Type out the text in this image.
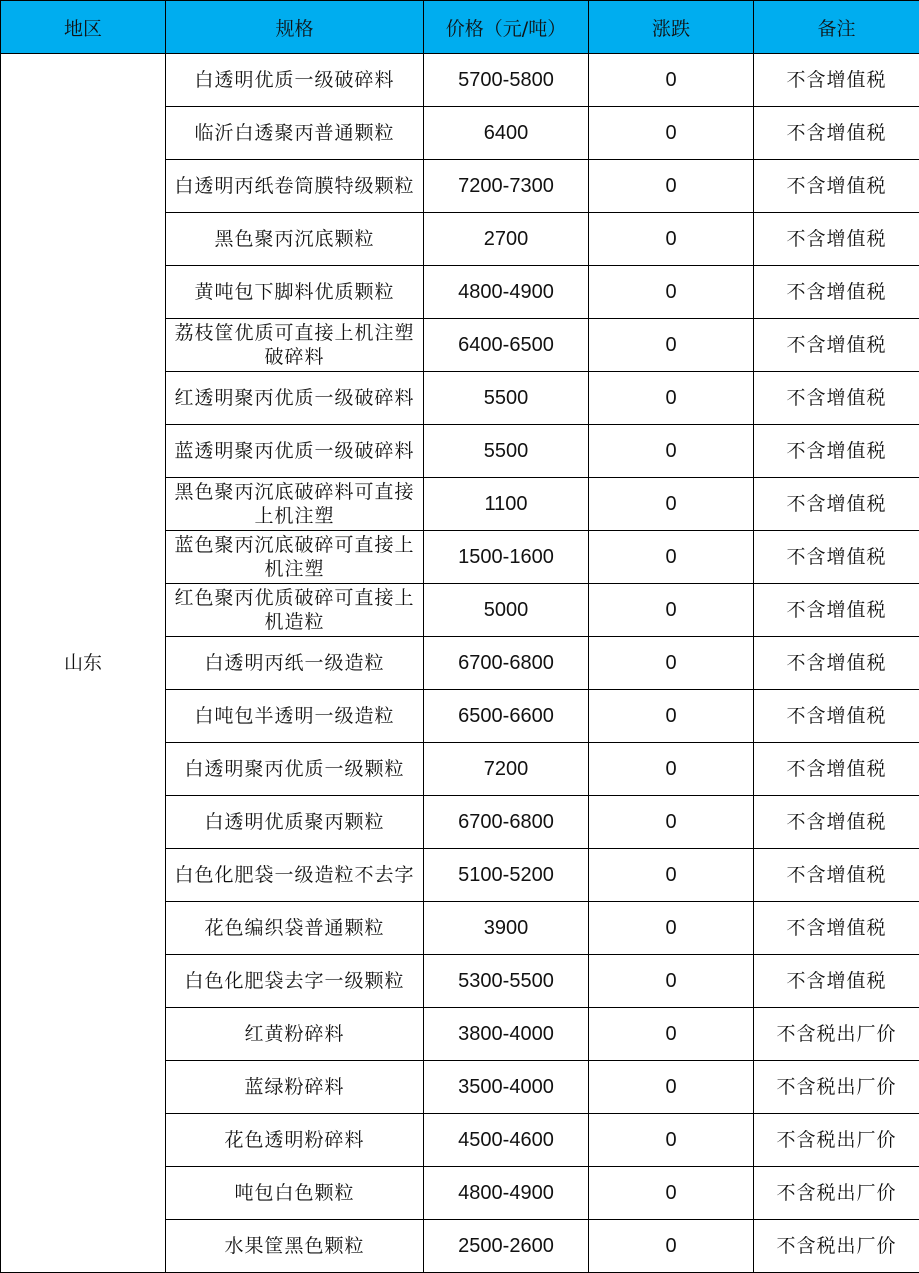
地区	规格	价格（元/吨）	涨跌	备注
山东	白透明优质一级破碎料	5700-5800	0	不含增值税
	临沂白透聚丙普通颗粒	6400	0	不含增值税
	白透明丙纸卷筒膜特级颗粒	7200-7300	0	不含增值税
	黑色聚丙沉底颗粒	2700	0	不含增值税
	黄吨包下脚料优质颗粒	4800-4900	0	不含增值税
	荔枝筐优质可直接上机注塑破碎料	6400-6500	0	不含增值税
	红透明聚丙优质一级破碎料	5500	0	不含增值税
	蓝透明聚丙优质一级破碎料	5500	0	不含增值税
	黑色聚丙沉底破碎料可直接上机注塑	1100	0	不含增值税
	蓝色聚丙沉底破碎可直接上机注塑	1500-1600	0	不含增值税
	红色聚丙优质破碎可直接上机造粒	5000	0	不含增值税
	白透明丙纸一级造粒	6700-6800	0	不含增值税
	白吨包半透明一级造粒	6500-6600	0	不含增值税
	白透明聚丙优质一级颗粒	7200	0	不含增值税
	白透明优质聚丙颗粒	6700-6800	0	不含增值税
	白色化肥袋一级造粒不去字	5100-5200	0	不含增值税
	花色编织袋普通颗粒	3900	0	不含增值税
	白色化肥袋去字一级颗粒	5300-5500	0	不含增值税
	红黄粉碎料	3800-4000	0	不含税出厂价
	蓝绿粉碎料	3500-4000	0	不含税出厂价
	花色透明粉碎料	4500-4600	0	不含税出厂价
	吨包白色颗粒	4800-4900	0	不含税出厂价
	水果筐黑色颗粒	2500-2600	0	不含税出厂价
